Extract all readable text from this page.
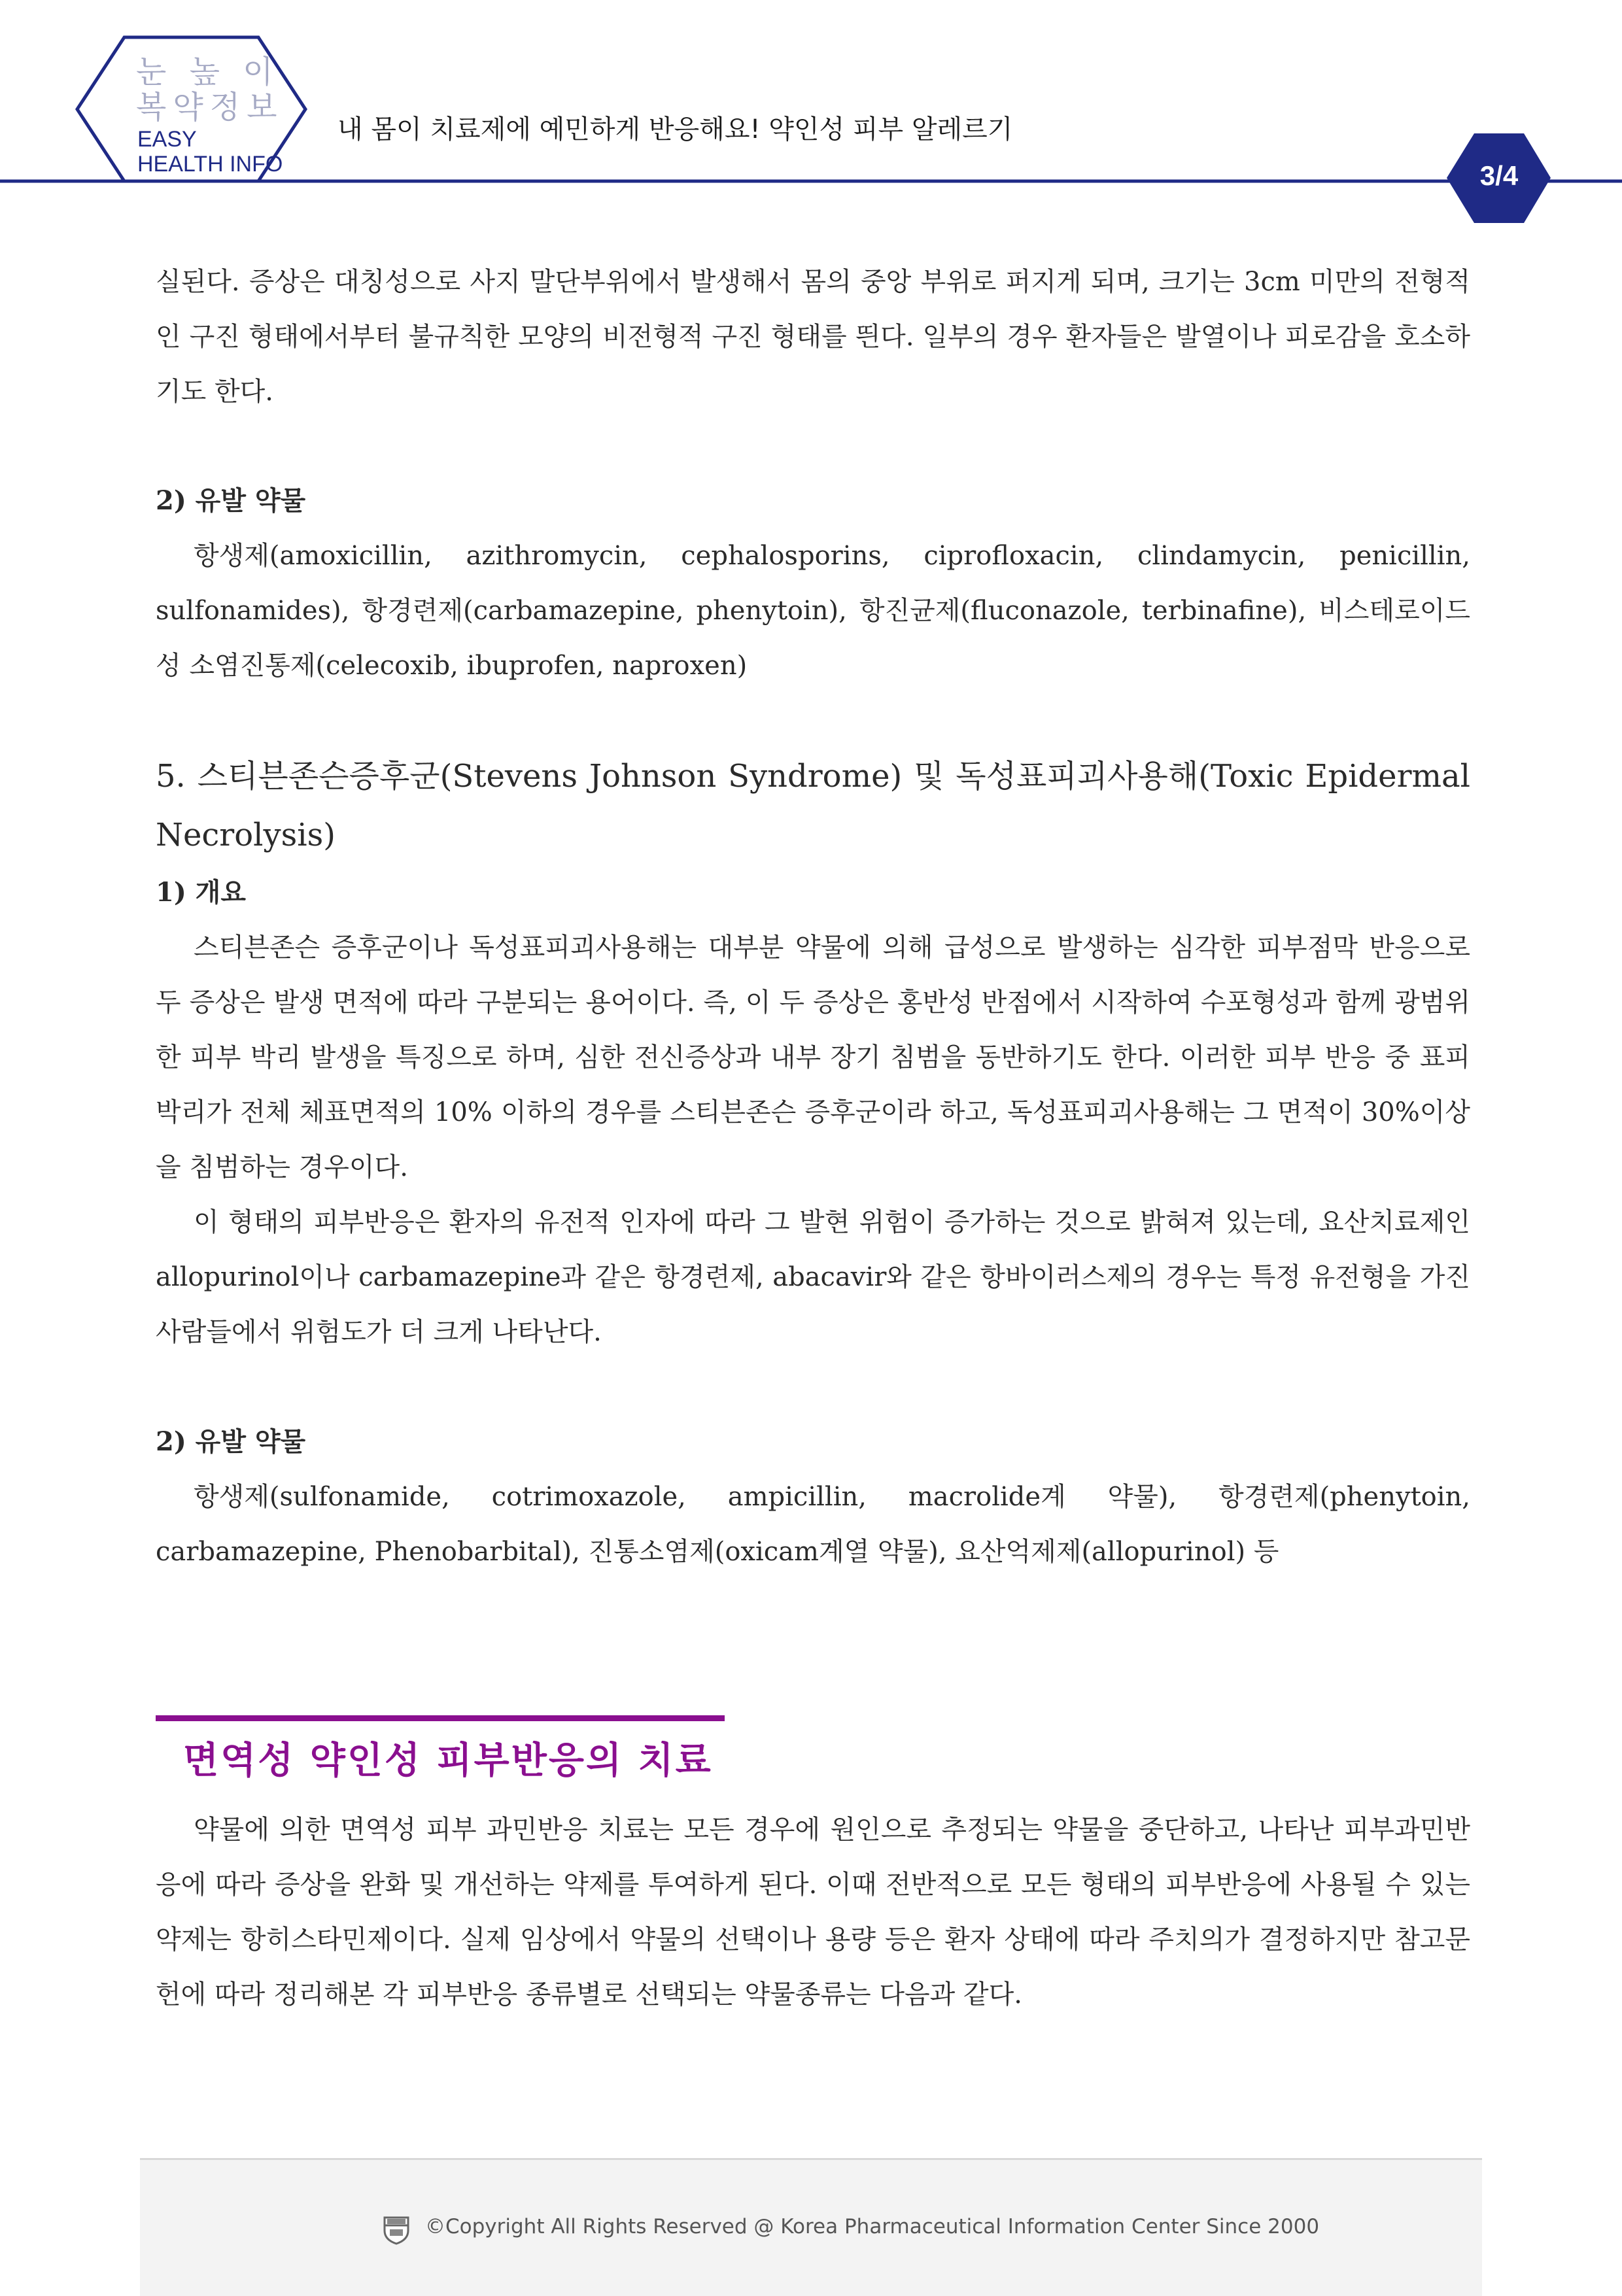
눈 높 이
복약정보
EASY
HEALTH INFO
내 몸이 치료제에 예민하게 반응해요! 약인성 피부 알레르기
3/4

실된다. 증상은 대칭성으로 사지 말단부위에서 발생해서 몸의 중앙 부위로 퍼지게 되며, 크기는 3cm 미만의 전형적인 구진 형태에서부터 불규칙한 모양의 비전형적 구진 형태를 띈다. 일부의 경우 환자들은 발열이나 피로감을 호소하기도 한다.

2) 유발 약물

항생제(amoxicillin, azithromycin, cephalosporins, ciprofloxacin, clindamycin, penicillin, sulfonamides), 항경련제(carbamazepine, phenytoin), 항진균제(fluconazole, terbinafine), 비스테로이드성 소염진통제(celecoxib, ibuprofen, naproxen)

5. 스티븐존슨증후군(Stevens Johnson Syndrome) 및 독성표피괴사용해(Toxic Epidermal Necrolysis)

1) 개요

스티븐존슨 증후군이나 독성표피괴사용해는 대부분 약물에 의해 급성으로 발생하는 심각한 피부점막 반응으로 두 증상은 발생 면적에 따라 구분되는 용어이다. 즉, 이 두 증상은 홍반성 반점에서 시작하여 수포형성과 함께 광범위한 피부 박리 발생을 특징으로 하며, 심한 전신증상과 내부 장기 침범을 동반하기도 한다. 이러한 피부 반응 중 표피 박리가 전체 체표면적의 10% 이하의 경우를 스티븐존슨 증후군이라 하고, 독성표피괴사용해는 그 면적이 30%이상을 침범하는 경우이다.

이 형태의 피부반응은 환자의 유전적 인자에 따라 그 발현 위험이 증가하는 것으로 밝혀져 있는데, 요산치료제인 allopurinol이나 carbamazepine과 같은 항경련제, abacavir와 같은 항바이러스제의 경우는 특정 유전형을 가진 사람들에서 위험도가 더 크게 나타난다.

2) 유발 약물

항생제(sulfonamide, cotrimoxazole, ampicillin, macrolide계 약물), 항경련제(phenytoin, carbamazepine, Phenobarbital), 진통소염제(oxicam계열 약물), 요산억제제(allopurinol) 등

면역성 약인성 피부반응의 치료

약물에 의한 면역성 피부 과민반응 치료는 모든 경우에 원인으로 추정되는 약물을 중단하고, 나타난 피부과민반응에 따라 증상을 완화 및 개선하는 약제를 투여하게 된다. 이때 전반적으로 모든 형태의 피부반응에 사용될 수 있는 약제는 항히스타민제이다. 실제 임상에서 약물의 선택이나 용량 등은 환자 상태에 따라 주치의가 결정하지만 참고문헌에 따라 정리해본 각 피부반응 종류별로 선택되는 약물종류는 다음과 같다.

©Copyright All Rights Reserved @ Korea Pharmaceutical Information Center Since 2000
